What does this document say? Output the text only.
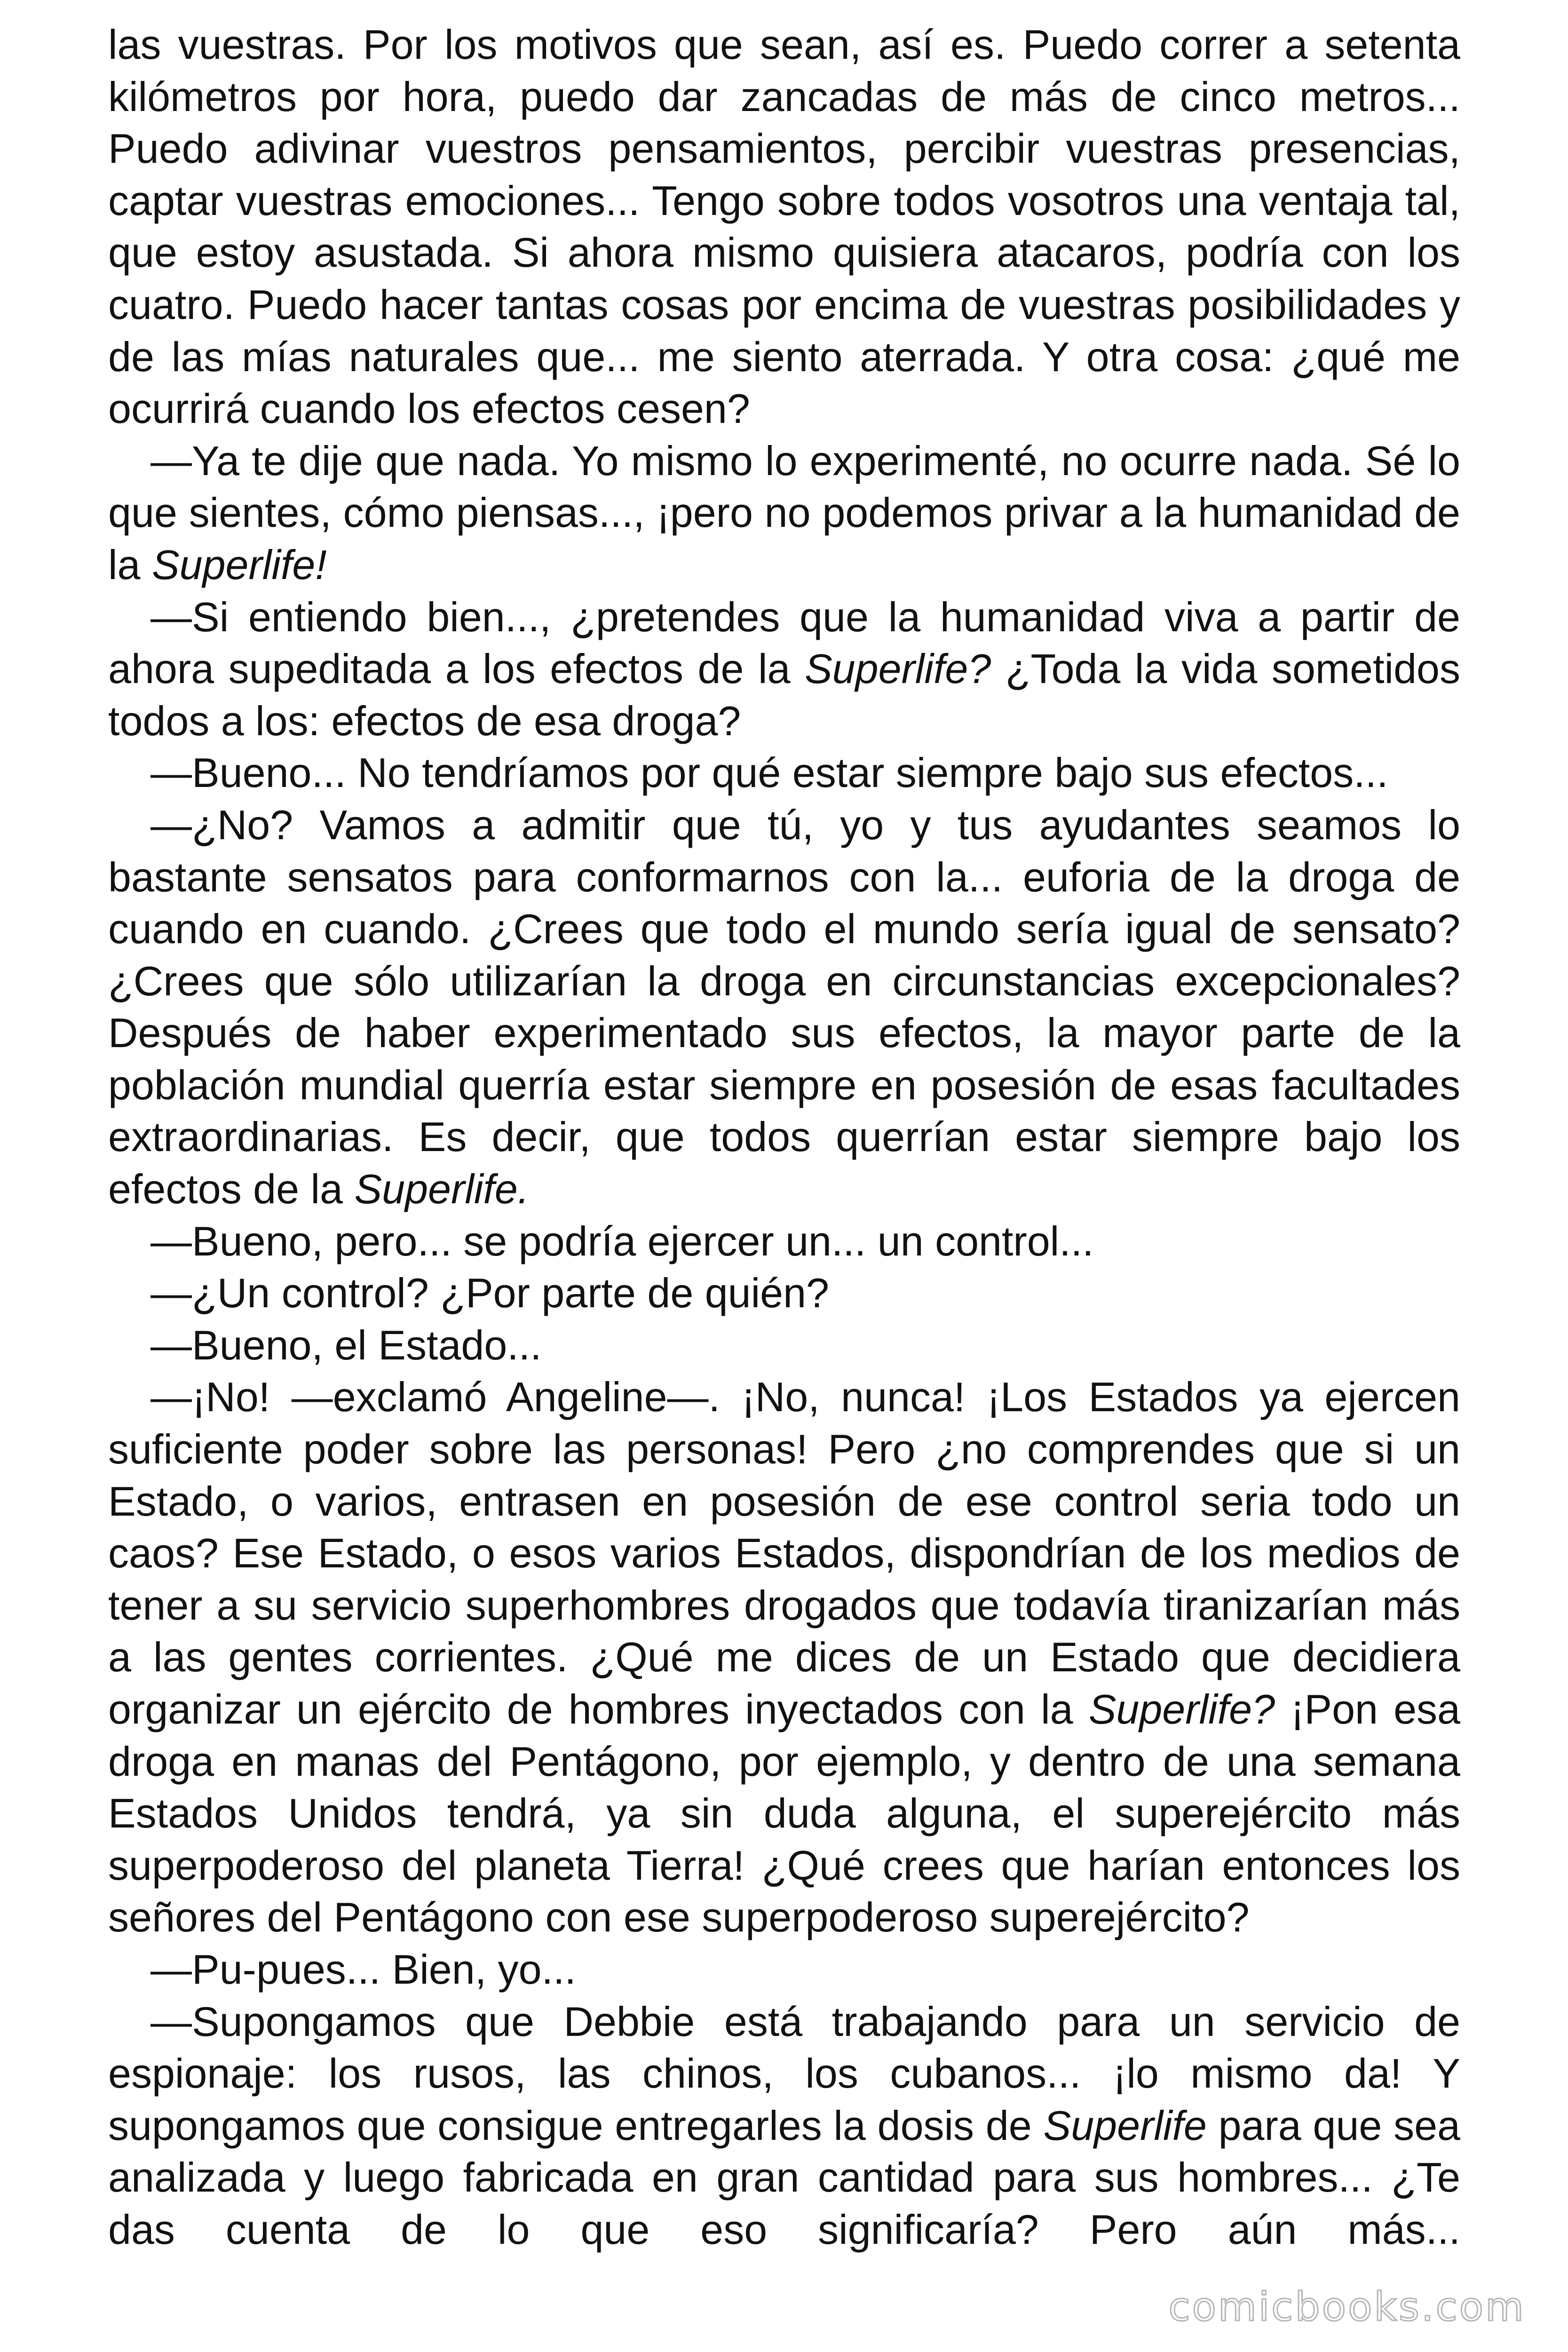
las vuestras. Por los motivos que sean, así es. Puedo correr a setenta kilómetros por hora, puedo dar zancadas de más de cinco metros... Puedo adivinar vuestros pensamientos, percibir vuestras presencias, captar vuestras emociones... Tengo sobre todos vosotros una ventaja tal, que estoy asustada. Si ahora mismo quisiera atacaros, podría con los cuatro. Puedo hacer tantas cosas por encima de vuestras posibilidades y de las mías naturales que... me siento aterrada. Y otra cosa: ¿qué me ocurrirá cuando los efectos cesen?

—Ya te dije que nada. Yo mismo lo experimenté, no ocurre nada. Sé lo que sientes, cómo piensas..., ¡pero no podemos privar a la humanidad de la Superlife!

—Si entiendo bien..., ¿pretendes que la humanidad viva a partir de ahora supeditada a los efectos de la Superlife? ¿Toda la vida sometidos todos a los: efectos de esa droga?

—Bueno... No tendríamos por qué estar siempre bajo sus efectos...

—¿No? Vamos a admitir que tú, yo y tus ayudantes seamos lo bastante sensatos para conformarnos con la... euforia de la droga de cuando en cuando. ¿Crees que todo el mundo sería igual de sensato? ¿Crees que sólo utilizarían la droga en circunstancias excepcionales? Después de haber experimentado sus efectos, la mayor parte de la población mundial querría estar siempre en posesión de esas facultades extraordinarias. Es decir, que todos querrían estar siempre bajo los efectos de la Superlife.

—Bueno, pero... se podría ejercer un... un control...

—¿Un control? ¿Por parte de quién?

—Bueno, el Estado...

—¡No! —exclamó Angeline—. ¡No, nunca! ¡Los Estados ya ejercen suficiente poder sobre las personas! Pero ¿no comprendes que si un Estado, o varios, entrasen en posesión de ese control seria todo un caos? Ese Estado, o esos varios Estados, dispondrían de los medios de tener a su servicio superhombres drogados que todavía tiranizarían más a las gentes corrientes. ¿Qué me dices de un Estado que decidiera organizar un ejército de hombres inyectados con la Superlife? ¡Pon esa droga en manas del Pentágono, por ejemplo, y dentro de una semana Estados Unidos tendrá, ya sin duda alguna, el superejército más superpoderoso del planeta Tierra! ¿Qué crees que harían entonces los señores del Pentágono con ese superpoderoso superejército?

—Pu-pues... Bien, yo...

—Supongamos que Debbie está trabajando para un servicio de espionaje: los rusos, las chinos, los cubanos... ¡lo mismo da! Y supongamos que consigue entregarles la dosis de Superlife para que sea analizada y luego fabricada en gran cantidad para sus hombres... ¿Te das cuenta de lo que eso significaría? Pero aún más...

comicbooks.com
